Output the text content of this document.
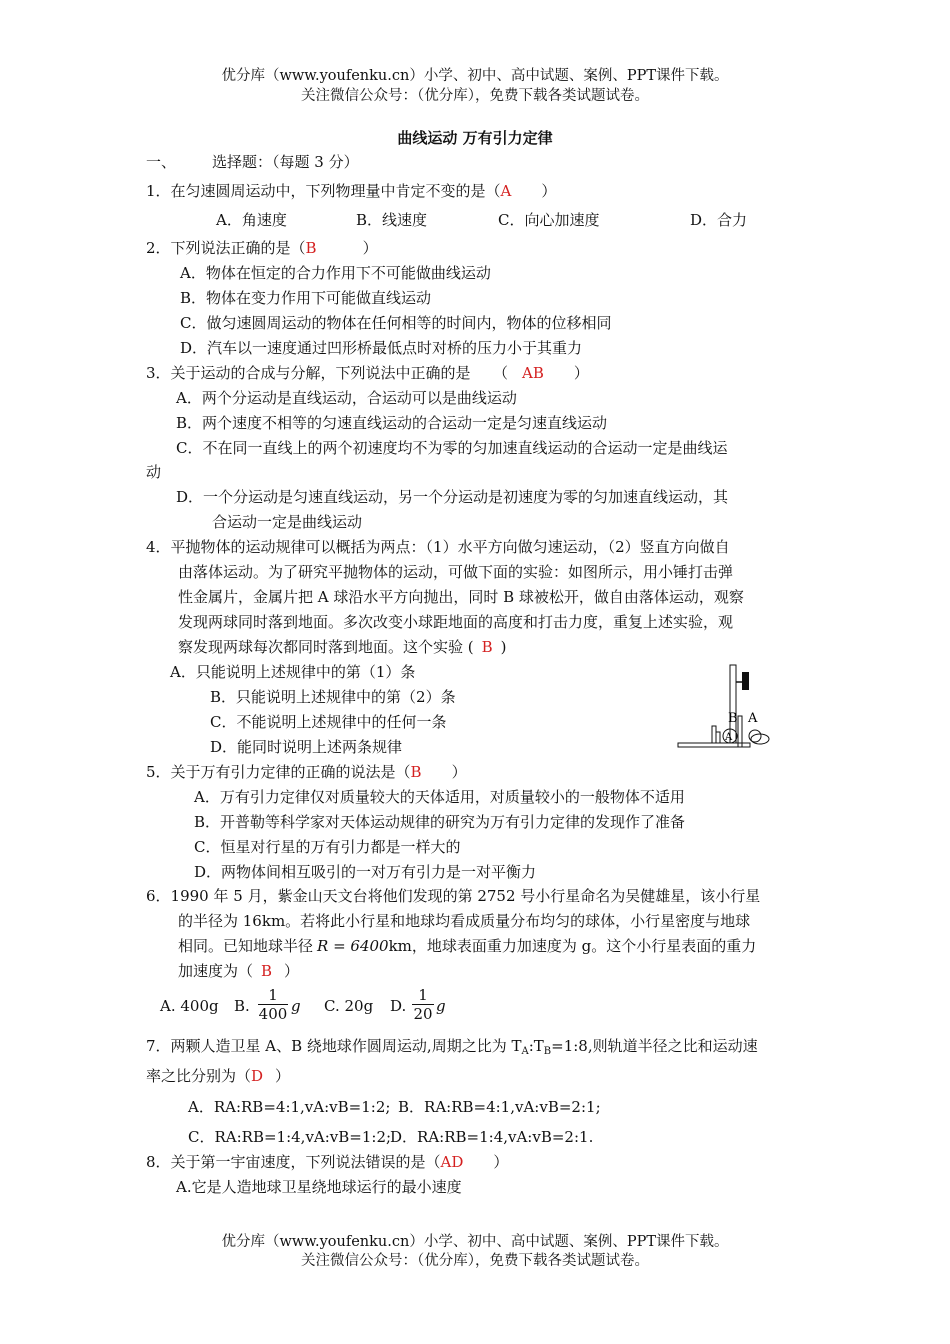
优分库（www.youfenku.cn）小学、初中、高中试题、案例、PPT课件下载。
关注微信公众号：（优分库），免费下载各类试题试卷。
曲线运动 万有引力定律
一、 选择题：（每题 3 分）
1．在匀速圆周运动中，下列物理量中肯定不变的是（A ）
A．角速度	B．线速度	C．向心加速度	D．合力
2．下列说法正确的是（B	）
A．物体在恒定的合力作用下不可能做曲线运动
B．物体在变力作用下可能做直线运动
C．做匀速圆周运动的物体在任何相等的时间内，物体的位移相同
D．汽车以一速度通过凹形桥最低点时对桥的压力小于其重力
3．关于运动的合成与分解，下列说法中正确的是　　（ AB ）
A．两个分运动是直线运动，合运动可以是曲线运动
B．两个速度不相等的匀速直线运动的合运动一定是匀速直线运动
C．不在同一直线上的两个初速度均不为零的匀加速直线运动的合运动一定是曲线运
动
D．一个分运动是匀速直线运动，另一个分运动是初速度为零的匀加速直线运动，其
合运动一定是曲线运动
4．平抛物体的运动规律可以概括为两点：（1）水平方向做匀速运动，（2）竖直方向做自
由落体运动。为了研究平抛物体的运动，可做下面的实验：如图所示，用小锤打击弹
性金属片，金属片把 A 球沿水平方向抛出，同时 B 球被松开，做自由落体运动，观察
发现两球同时落到地面。多次改变小球距地面的高度和打击力度，重复上述实验，观
察发现两球每次都同时落到地面。这个实验 ( B )
A．只能说明上述规律中的第（1）条
B．只能说明上述规律中的第（2）条
C．不能说明上述规律中的任何一条
D．能同时说明上述两条规律
B A
A
5．关于万有引力定律的正确的说法是（B ）
A．万有引力定律仅对质量较大的天体适用，对质量较小的一般物体不适用
B．开普勒等科学家对天体运动规律的研究为万有引力定律的发现作了准备
C．恒星对行星的万有引力都是一样大的
D．两物体间相互吸引的一对万有引力是一对平衡力
6．1990 年 5 月，紫金山天文台将他们发现的第 2752 号小行星命名为吴健雄星，该小行星
的半径为 16km。若将此小行星和地球均看成质量分布均匀的球体，小行星密度与地球
相同。已知地球半径 R = 6400km，地球表面重力加速度为 g。这个小行星表面的重力
加速度为（ B ）
A. 400g B. $\frac{1}{400}$ g C. 20g D. $\frac{1}{20}$ g
7．两颗人造卫星 A、B 绕地球作圆周运动,周期之比为 $T_A:T_B=1:8$,则轨道半径之比和运动速
率之比分别为（D ）
A．RA:RB=4:1,vA:vB=1:2; B．RA:RB=4:1,vA:vB=2:1;
C．RA:RB=1:4,vA:vB=1:2;
D．RA:RB=1:4,vA:vB=2:1.
8．关于第一宇宙速度，下列说法错误的是（AD ）
A.它是人造地球卫星绕地球运行的最小速度
优分库（www.youfenku.cn）小学、初中、高中试题、案例、PPT课件下载。
关注微信公众号：（优分库），免费下载各类试题试卷。
